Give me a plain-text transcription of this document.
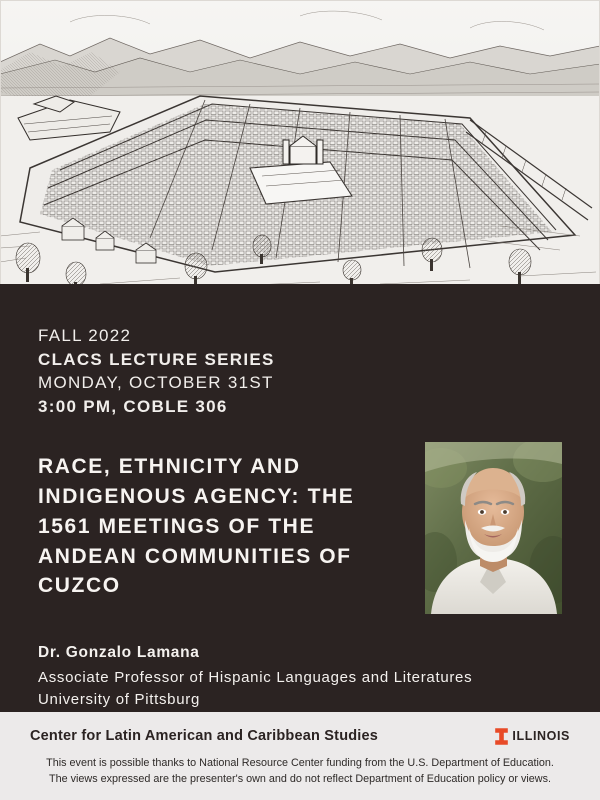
FALL 2022
CLACS LECTURE SERIES
MONDAY, OCTOBER 31ST
3:00 PM, COBLE 306
RACE, ETHNICITY AND INDIGENOUS AGENCY: THE 1561 MEETINGS OF THE ANDEAN COMMUNITIES OF CUZCO
Dr. Gonzalo Lamana
Associate Professor of Hispanic Languages and Literatures
University of Pittsburg
Center for Latin American and Caribbean Studies	ILLINOIS
This event is possible thanks to National Resource Center funding from the U.S. Department of Education.
The views expressed are the presenter's own and do not reflect Department of Education policy or views.
